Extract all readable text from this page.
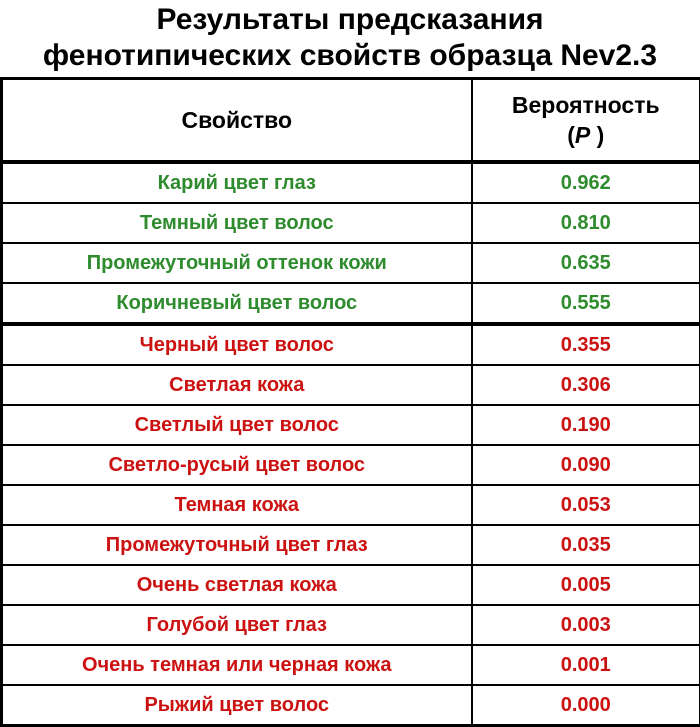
Результаты предсказания
фенотипических свойств образца Nev2.3
Свойство	Вероятность
(P )

Карий цвет глаз	0.962
Темный цвет волос	0.810
Промежуточный оттенок кожи	0.635
Коричневый цвет волос	0.555
Черный цвет волос	0.355
Светлая кожа	0.306
Светлый цвет волос	0.190
Светло-русый цвет волос	0.090
Темная кожа	0.053
Промежуточный цвет глаз	0.035
Очень светлая кожа	0.005
Голубой цвет глаз	0.003
Очень темная или черная кожа	0.001
Рыжий цвет волос	0.000
